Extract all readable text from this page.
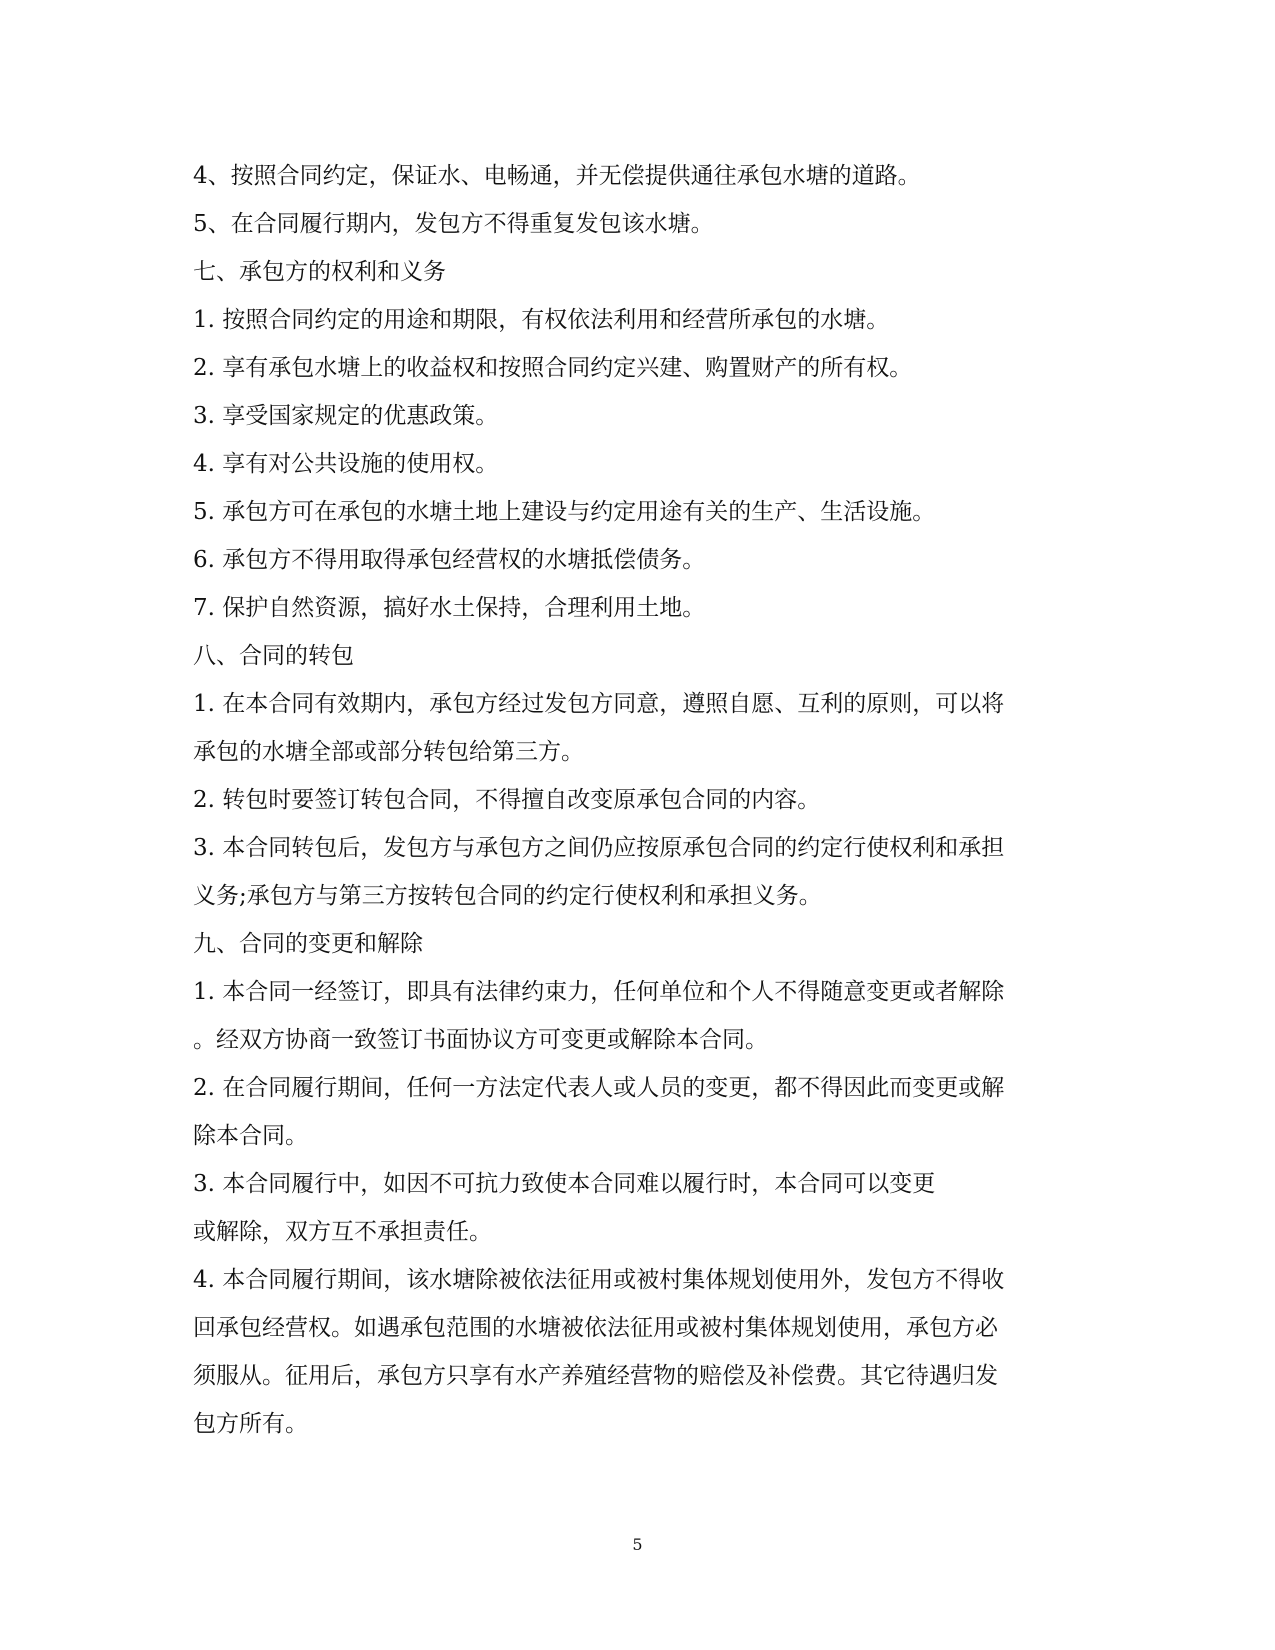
4、按照合同约定，保证水、电畅通，并无偿提供通往承包水塘的道路。

5、在合同履行期内，发包方不得重复发包该水塘。

七、承包方的权利和义务

1. 按照合同约定的用途和期限，有权依法利用和经营所承包的水塘。

2. 享有承包水塘上的收益权和按照合同约定兴建、购置财产的所有权。

3. 享受国家规定的优惠政策。

4. 享有对公共设施的使用权。

5. 承包方可在承包的水塘土地上建设与约定用途有关的生产、生活设施。

6. 承包方不得用取得承包经营权的水塘抵偿债务。

7. 保护自然资源，搞好水土保持，合理利用土地。

八、合同的转包

1. 在本合同有效期内，承包方经过发包方同意，遵照自愿、互利的原则，可以将
承包的水塘全部或部分转包给第三方。

2. 转包时要签订转包合同，不得擅自改变原承包合同的内容。

3. 本合同转包后，发包方与承包方之间仍应按原承包合同的约定行使权利和承担
义务;承包方与第三方按转包合同的约定行使权利和承担义务。

九、合同的变更和解除

1. 本合同一经签订，即具有法律约束力，任何单位和个人不得随意变更或者解除
。经双方协商一致签订书面协议方可变更或解除本合同。

2. 在合同履行期间，任何一方法定代表人或人员的变更，都不得因此而变更或解
除本合同。

3. 本合同履行中，如因不可抗力致使本合同难以履行时，本合同可以变更
或解除，双方互不承担责任。

4. 本合同履行期间，该水塘除被依法征用或被村集体规划使用外，发包方不得收
回承包经营权。如遇承包范围的水塘被依法征用或被村集体规划使用，承包方必
须服从。征用后，承包方只享有水产养殖经营物的赔偿及补偿费。其它待遇归发
包方所有。

5
